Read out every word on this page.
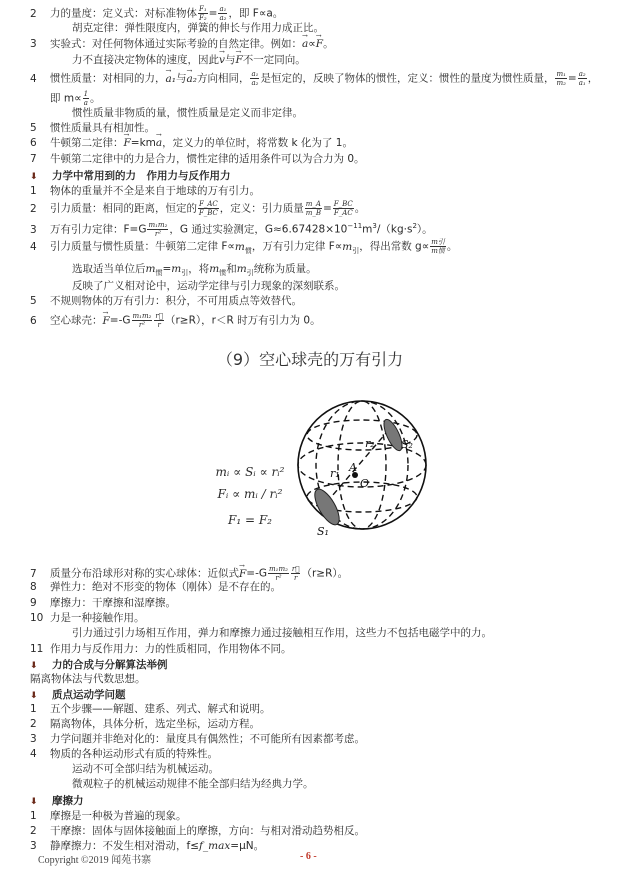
2 力的量度：定义式：对标准物体 $\frac{\text{F₁}}{\text{F₂}} = \frac{\text{a₁}}{\text{a₂}}$ ，即 F∝a。
胡克定律：弹性限度内，弹簧的伸长与作用力成正比。
3 实验式：对任何物体通过实际考验的自然定律。例如：→ a∝→ F。
力不直接决定物体的速度，因此→ v与→ F不一定同向。
4 惯性质量：对相同的力，→ a₁与→ a₂方向相同， $\frac{\text{a₁}}{\text{a₂}}$ 是恒定的，反映了物体的惯性，定义：惯性的量度为惯性质量， $\frac{\text{m₁}}{\text{m₂}} = \frac{\text{a₂}}{\text{a₁}}$ ，
即 $m\propto \frac{1}{a}$ 。
惯性质量非物质的量，惯性质量是定义而非定律。
5 惯性质量具有相加性。
6 牛顿第二定律：→ F=km→ a，定义力的单位时，将常数 k 化为了 1。
7 牛顿第二定律中的力是合力，惯性定律的适用条件可以为合力为 0。
1 物体的重量并不全是来自于地球的万有引力。
2 引力质量：相同的距离，恒定的 $\frac{F\_AC}{F\_BC}$ ，定义：引力质量 $\frac{m\_A}{m\_B} = \frac{F\_BC}{F\_AC}$ 。
3 万有引力定律：$F=G \frac{\text{m₁m₂}}{\text{r²}}$ ，G 通过实验测定，$G\approx 6.67428\times 10^{-11}m^3/(kg\cdot s^2)$。
4 引力质量与惯性质量：牛顿第二定律 $F\propto m_惯$，万有引力定律 $F\propto m_引$，得出常数 $g\propto \frac{\text{m引}}{\text{m惯}}$ 。
选取适当单位后$m_惯=m_引$，将$m_惯$和$m_引$统称为质量。
反映了广义相对论中，运动学定律与引力现象的深刻联系。
5 不规则物体的万有引力：积分，不可用质点等效替代。
6 空心球壳：→ $F=-G \frac{\text{m₁m₂}}{\text{r²}} \frac{r⃗}{r} (r\ge R)$，r＜R 时万有引力为 0。
7 质量分布沿球形对称的实心球体：近似式→ $F=-G \frac{\text{m₁m₂}}{\text{r²}} \frac{r⃗}{r} (r\ge R)$。
8 弹性力：绝对不形变的物体（刚体）是不存在的。
9 摩擦力：干摩擦和湿摩擦。
10 力是一种接触作用。
引力通过引力场相互作用，弹力和摩擦力通过接触相互作用，这些力不包括电磁学中的力。
11 作用力与反作用力：力的性质相同，作用物体不同。
隔离物体法与代数思想。
1 五个步骤——解题、建系、列式、解式和说明。
2 隔离物体，具体分析，选定坐标，运动方程。
3 力学问题并非绝对化的：量度具有偶然性；不可能所有因素都考虑。
4 物质的各种运动形式有质的特殊性。
运动不可全部归结为机械运动。
微观粒子的机械运动规律不能全部归结为经典力学。
1 摩擦是一种极为普遍的现象。
2 干摩擦：固体与固体接触面上的摩擦，方向：与相对滑动趋势相反。
3 静摩擦力：不发生相对滑动，f≤f_max=μN。
⬇ 力学中常用到的力　作用力与反作用力
⬇ 力的合成与分解算法举例
⬇ 质点运动学问题
⬇ 摩擦力
（9）空心球壳的万有引力
mᵢ ∝ Sᵢ ∝ rᵢ²
Fᵢ ∝ mᵢ / rᵢ²
F₁ = F₂
S₁
S₂
r₁
r₂
A
O
Copyright ©2019 闻苑书寨	- 6 -
